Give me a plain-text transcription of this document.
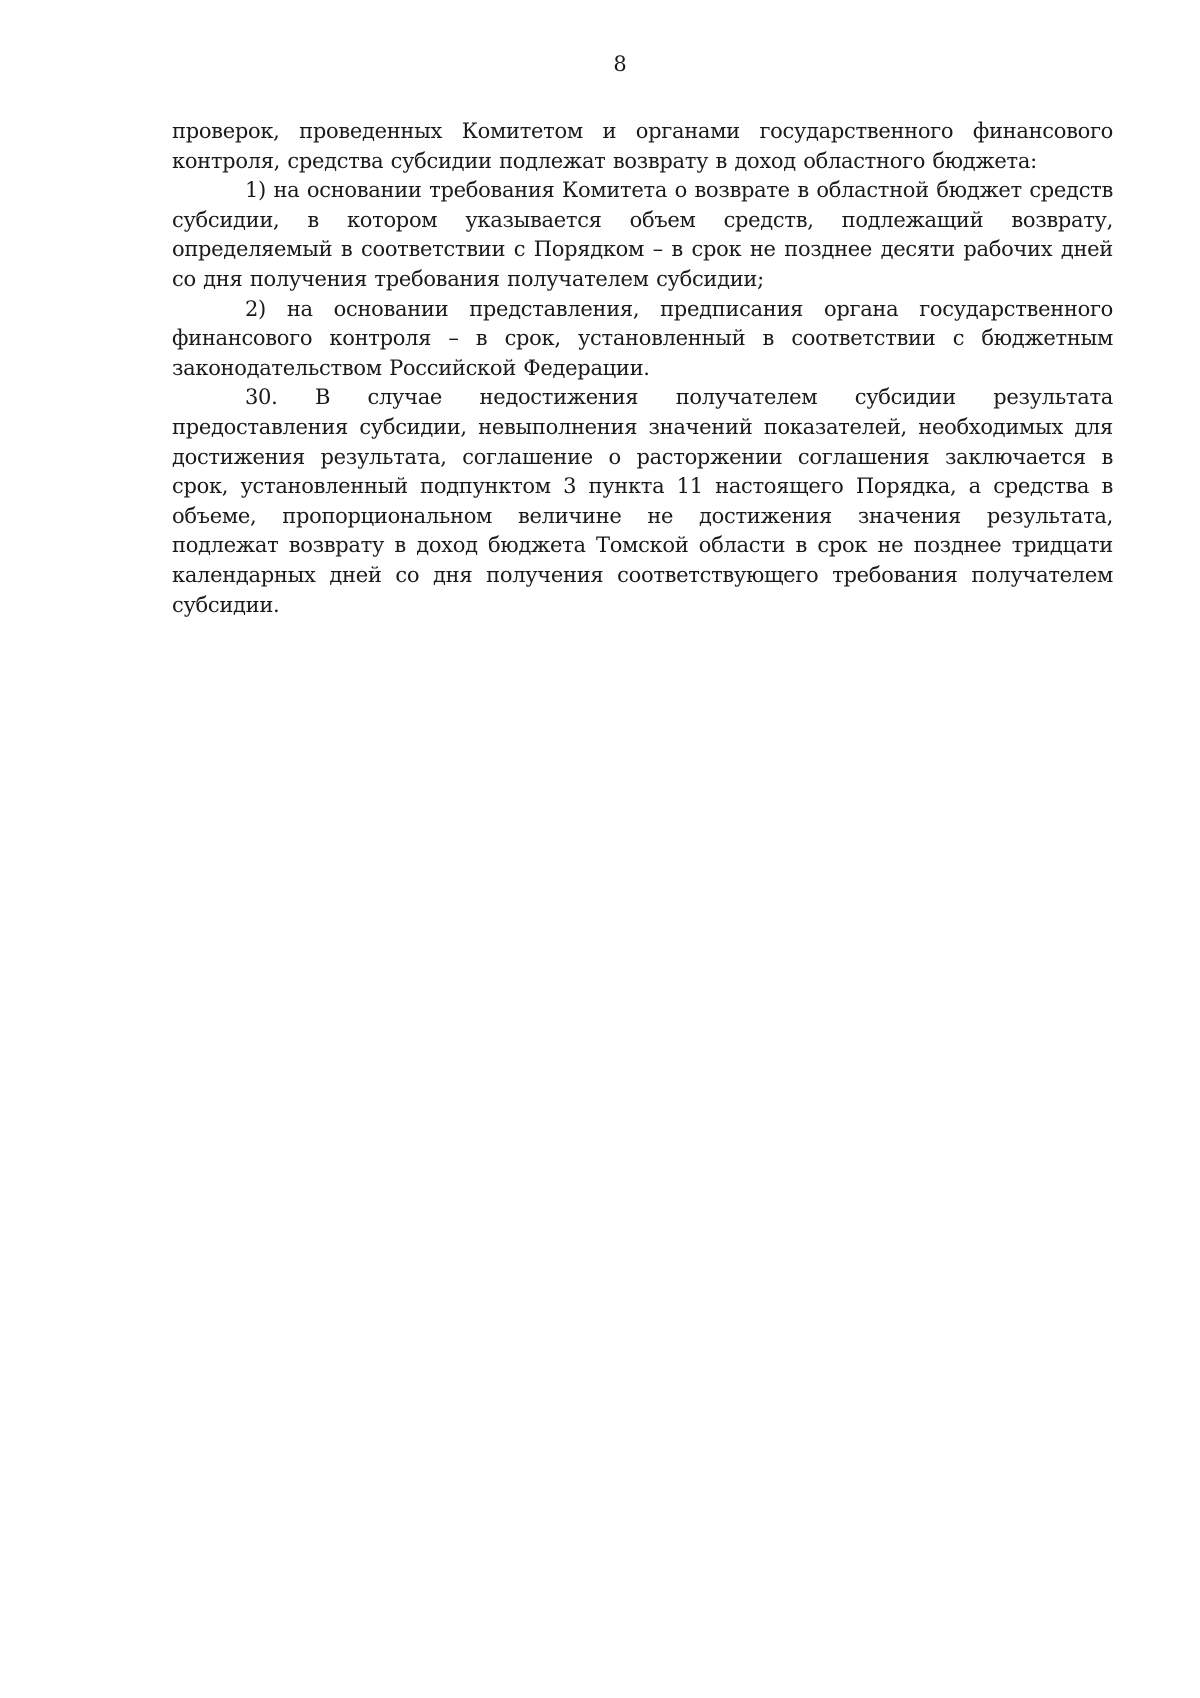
8

проверок, проведенных Комитетом и органами государственного финансового контроля, средства субсидии подлежат возврату в доход областного бюджета:

1) на основании требования Комитета о возврате в областной бюджет средств субсидии, в котором указывается объем средств, подлежащий возврату, определяемый в соответствии с Порядком – в срок не позднее десяти рабочих дней со дня получения требования получателем субсидии;

2) на основании представления, предписания органа государственного финансового контроля – в срок, установленный в соответствии с бюджетным законодательством Российской Федерации.

30. В случае недостижения получателем субсидии результата предоставления субсидии, невыполнения значений показателей, необходимых для достижения результата, соглашение о расторжении соглашения заключается в срок, установленный подпунктом 3 пункта 11 настоящего Порядка, а средства в объеме, пропорциональном величине не достижения значения результата, подлежат возврату в доход бюджета Томской области в срок не позднее тридцати календарных дней со дня получения соответствующего требования получателем субсидии.
